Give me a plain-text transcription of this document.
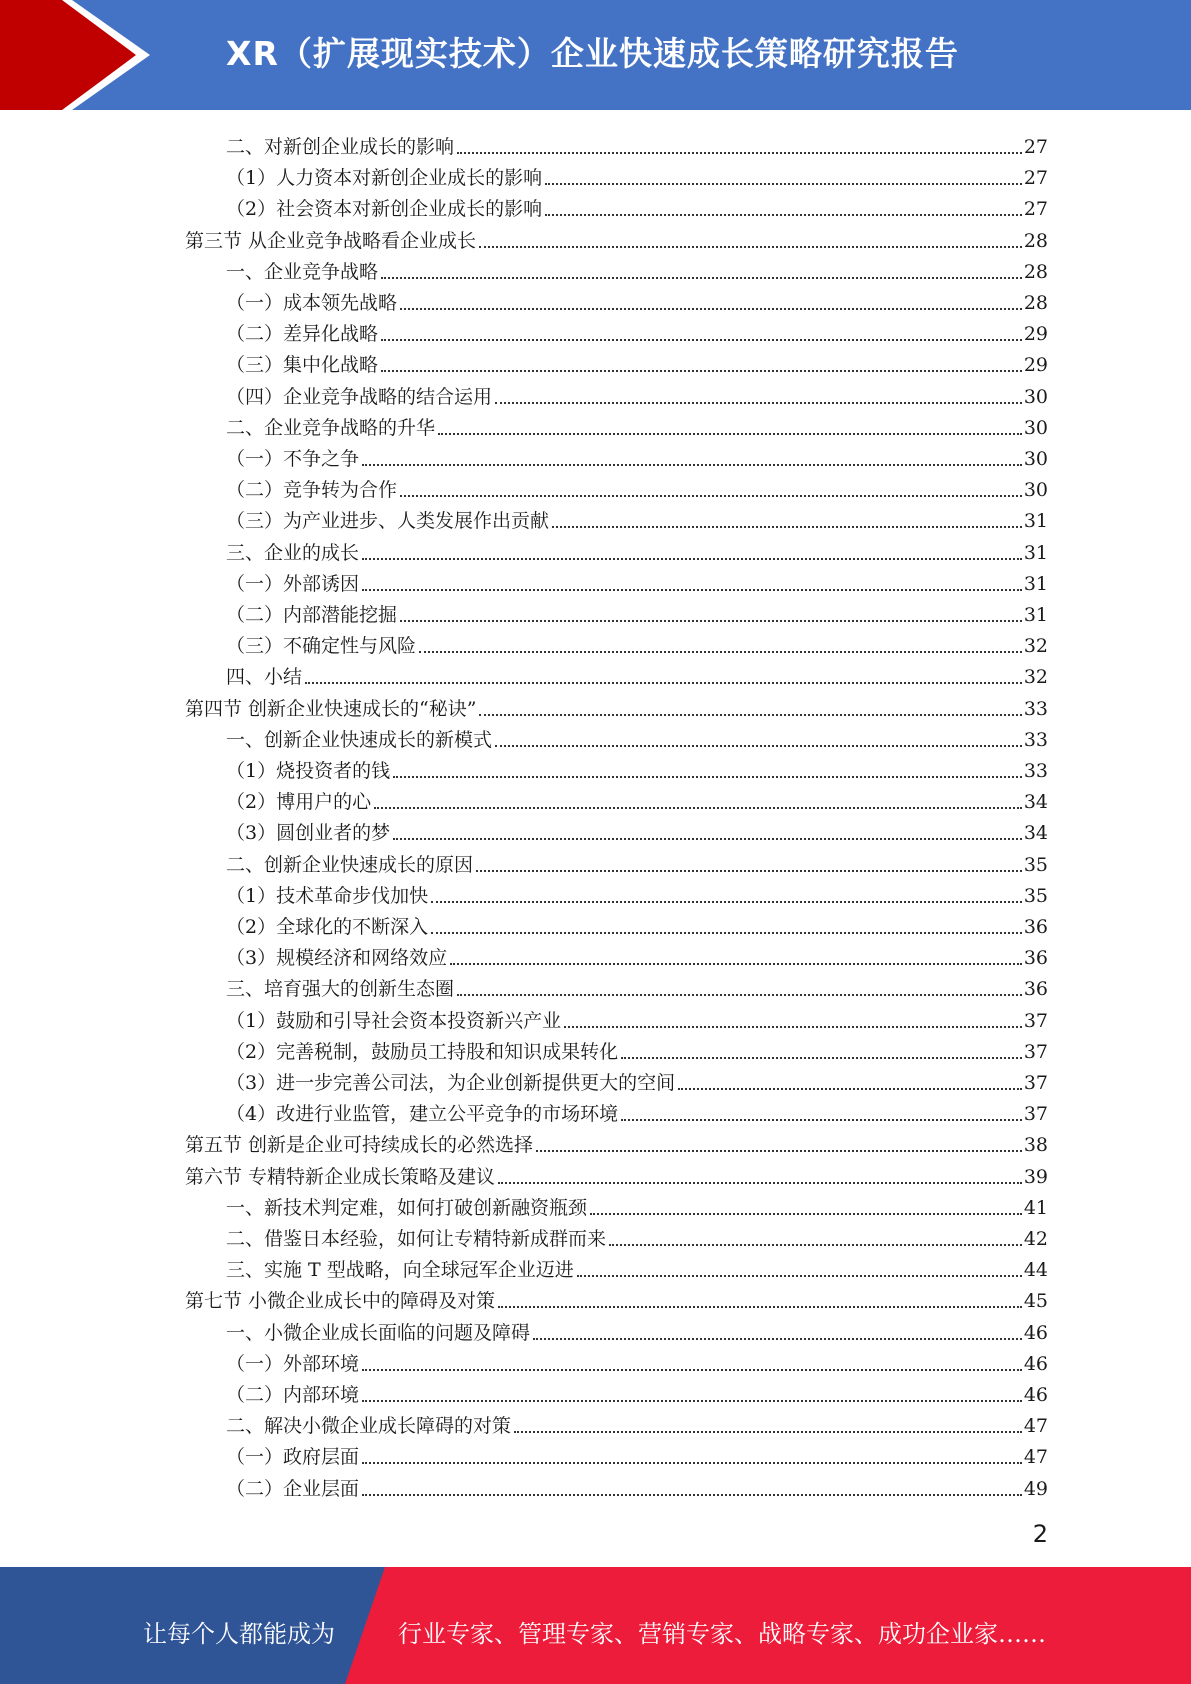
XR（扩展现实技术）企业快速成长策略研究报告
二、对新创企业成长的影响	27
（1）人力资本对新创企业成长的影响	27
（2）社会资本对新创企业成长的影响	27
第三节 从企业竞争战略看企业成长	28
一、企业竞争战略	28
（一）成本领先战略	28
（二）差异化战略	29
（三）集中化战略	29
（四）企业竞争战略的结合运用	30
二、企业竞争战略的升华	30
（一）不争之争	30
（二）竞争转为合作	30
（三）为产业进步、人类发展作出贡献	31
三、企业的成长	31
（一）外部诱因	31
（二）内部潜能挖掘	31
（三）不确定性与风险	32
四、小结	32
第四节 创新企业快速成长的“秘诀”	33
一、创新企业快速成长的新模式	33
（1）烧投资者的钱	33
（2）博用户的心	34
（3）圆创业者的梦	34
二、创新企业快速成长的原因	35
（1）技术革命步伐加快	35
（2）全球化的不断深入	36
（3）规模经济和网络效应	36
三、培育强大的创新生态圈	36
（1）鼓励和引导社会资本投资新兴产业	37
（2）完善税制，鼓励员工持股和知识成果转化	37
（3）进一步完善公司法，为企业创新提供更大的空间	37
（4）改进行业监管，建立公平竞争的市场环境	37
第五节 创新是企业可持续成长的必然选择	38
第六节 专精特新企业成长策略及建议	39
一、新技术判定难，如何打破创新融资瓶颈	41
二、借鉴日本经验，如何让专精特新成群而来	42
三、实施 T 型战略，向全球冠军企业迈进	44
第七节 小微企业成长中的障碍及对策	45
一、小微企业成长面临的问题及障碍	46
（一）外部环境	46
（二）内部环境	46
二、解决小微企业成长障碍的对策	47
（一）政府层面	47
（二）企业层面	49
2
让每个人都能成为	行业专家、管理专家、营销专家、战略专家、成功企业家……
